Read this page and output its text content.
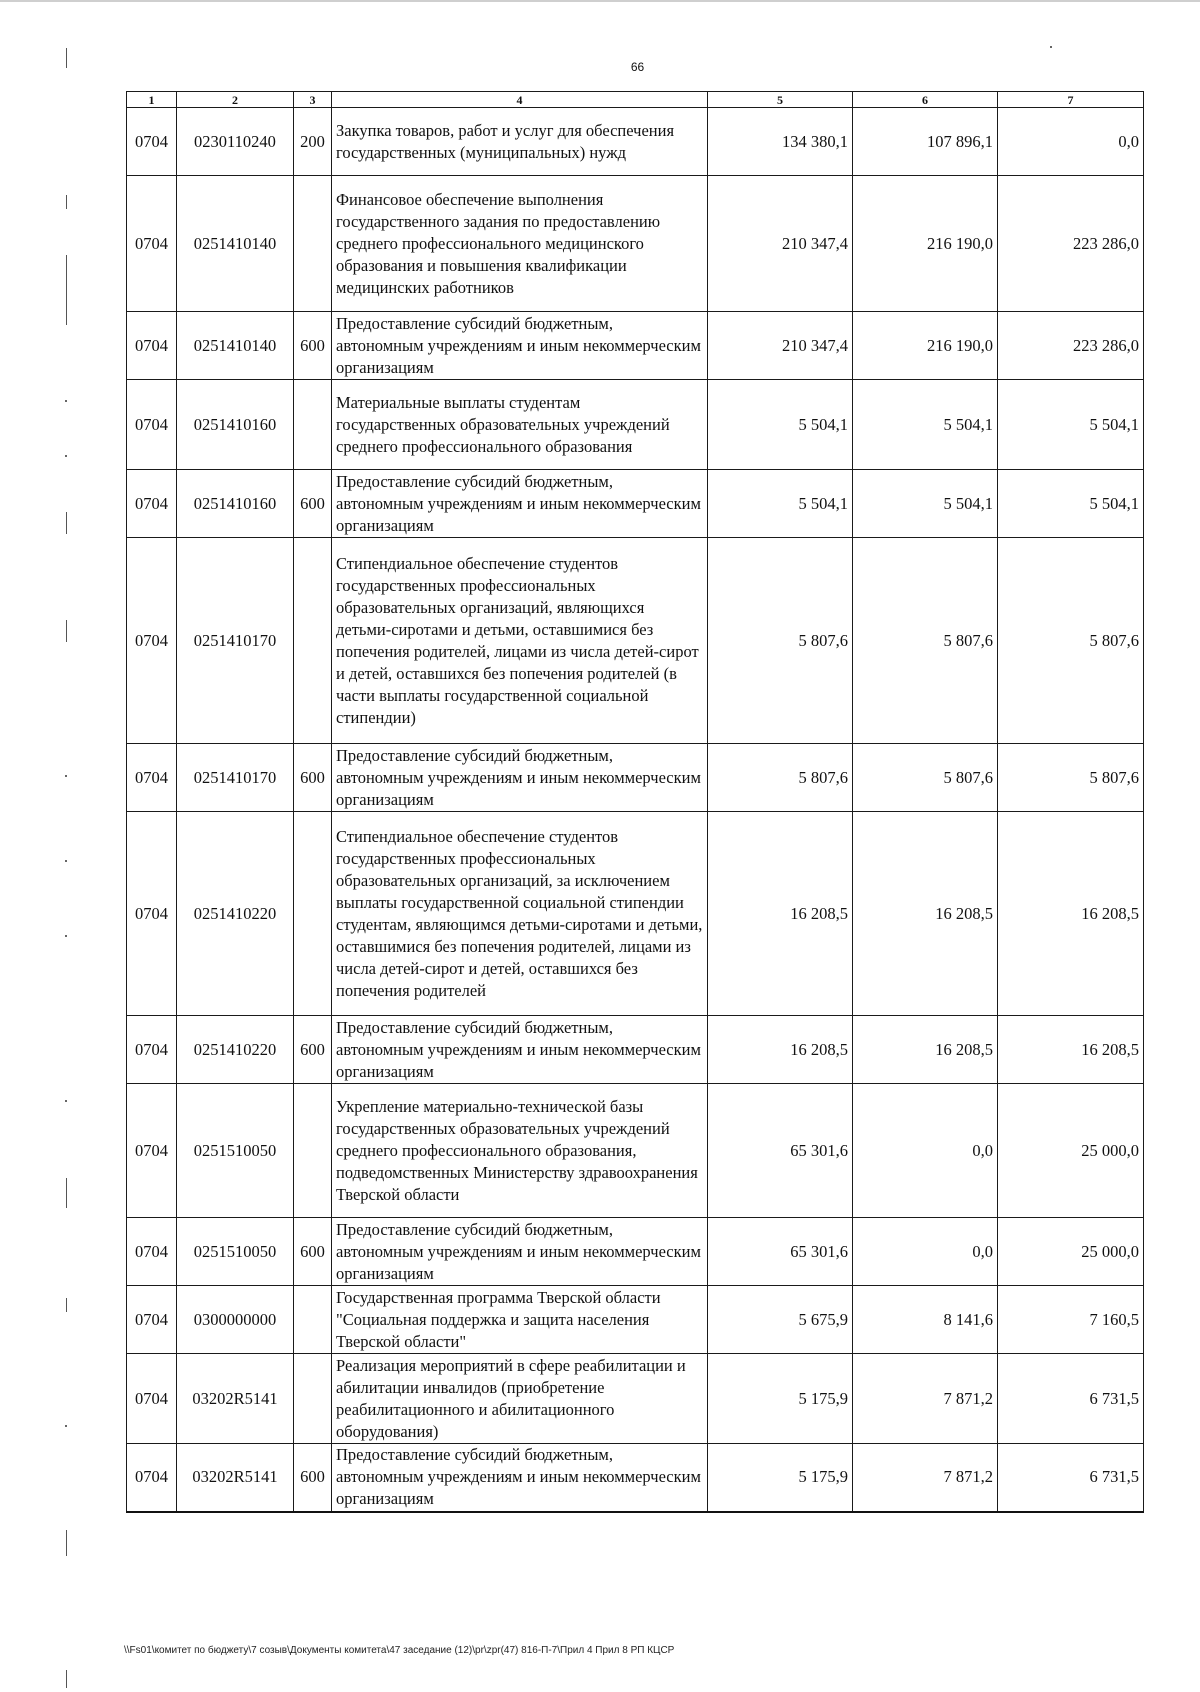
66
1	2	3	4	5	6	7
0704	0230110240	200	Закупка товаров, работ и услуг для обеспечения государственных (муниципальных) нужд	134 380,1	107 896,1	0,0
0704	0251410140		Финансовое обеспечение выполнения государственного задания по предоставлению среднего профессионального медицинского образования и повышения квалификации медицинских работников	210 347,4	216 190,0	223 286,0
0704	0251410140	600	Предоставление субсидий бюджетным, автономным учреждениям и иным некоммерческим организациям	210 347,4	216 190,0	223 286,0
0704	0251410160		Материальные выплаты студентам государственных образовательных учреждений среднего профессионального образования	5 504,1	5 504,1	5 504,1
0704	0251410160	600	Предоставление субсидий бюджетным, автономным учреждениям и иным некоммерческим организациям	5 504,1	5 504,1	5 504,1
0704	0251410170		Стипендиальное обеспечение студентов государственных профессиональных образовательных организаций, являющихся детьми-сиротами и детьми, оставшимися без попечения родителей, лицами из числа детей-сирот и детей, оставшихся без попечения родителей (в части выплаты государственной социальной стипендии)	5 807,6	5 807,6	5 807,6
0704	0251410170	600	Предоставление субсидий бюджетным, автономным учреждениям и иным некоммерческим организациям	5 807,6	5 807,6	5 807,6
0704	0251410220		Стипендиальное обеспечение студентов государственных профессиональных образовательных организаций, за исключением выплаты государственной социальной стипендии студентам, являющимся детьми-сиротами и детьми, оставшимися без попечения родителей, лицами из числа детей-сирот и детей, оставшихся без попечения родителей	16 208,5	16 208,5	16 208,5
0704	0251410220	600	Предоставление субсидий бюджетным, автономным учреждениям и иным некоммерческим организациям	16 208,5	16 208,5	16 208,5
0704	0251510050		Укрепление материально-технической базы государственных образовательных учреждений среднего профессионального образования, подведомственных Министерству здравоохранения Тверской области	65 301,6	0,0	25 000,0
0704	0251510050	600	Предоставление субсидий бюджетным, автономным учреждениям и иным некоммерческим организациям	65 301,6	0,0	25 000,0
0704	0300000000		Государственная программа Тверской области "Социальная поддержка и защита населения Тверской области"	5 675,9	8 141,6	7 160,5
0704	03202R5141		Реализация мероприятий в сфере реабилитации и абилитации инвалидов (приобретение реабилитационного и абилитационного оборудования)	5 175,9	7 871,2	6 731,5
0704	03202R5141	600	Предоставление субсидий бюджетным, автономным учреждениям и иным некоммерческим организациям	5 175,9	7 871,2	6 731,5
\\Fs01\комитет по бюджету\7 созыв\Документы комитета\47 заседание (12)\pr\zpr(47) 816-П-7\Прил 4 Прил 8 РП КЦСР
